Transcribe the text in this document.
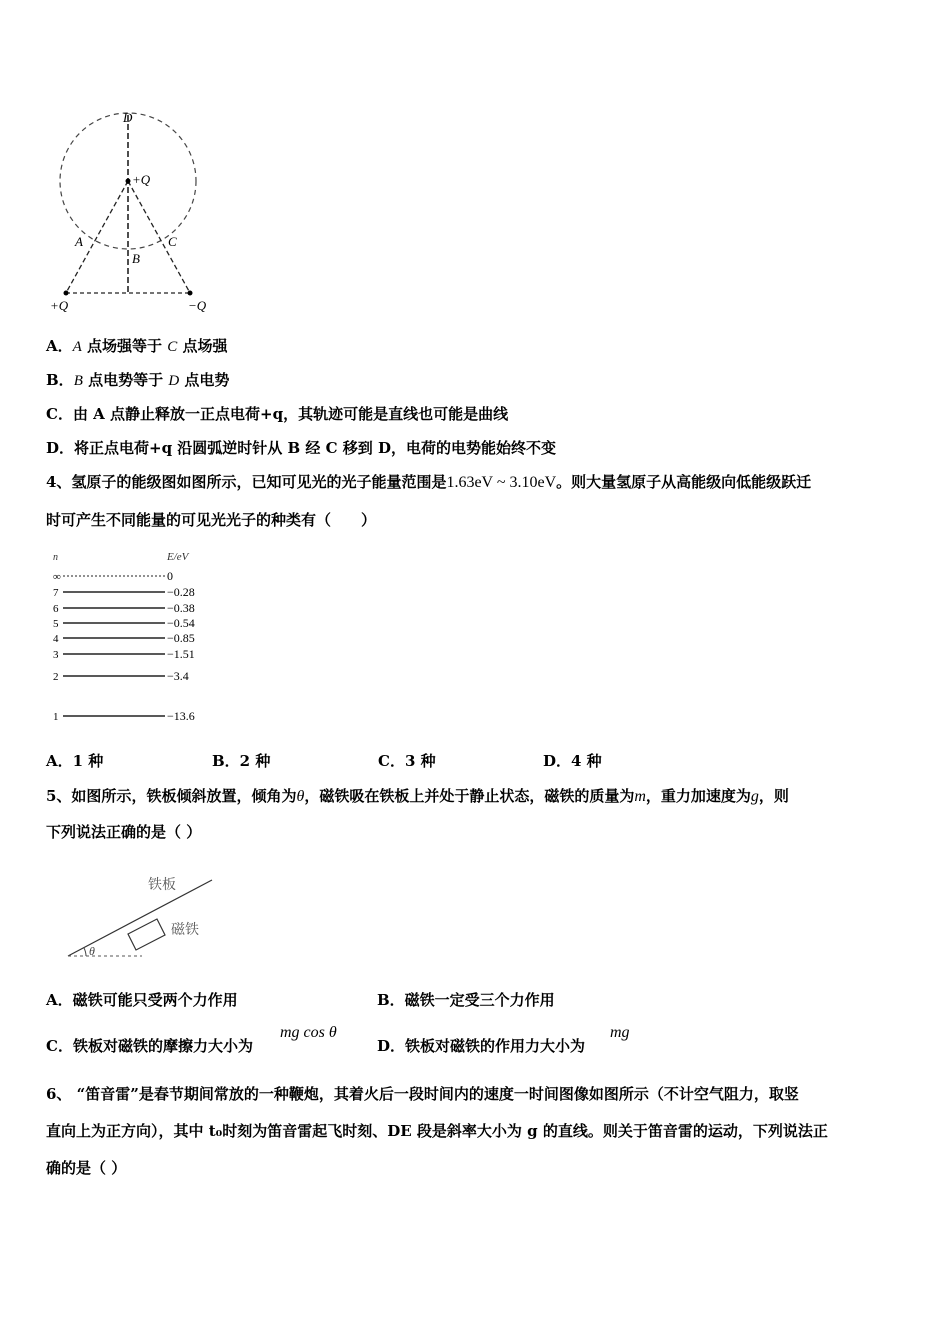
D
+Q
A
B
C
+Q	−Q
A．A 点场强等于 C 点场强
B．B 点电势等于 D 点电势
C．由 A 点静止释放一正点电荷+q，其轨迹可能是直线也可能是曲线
D．将正点电荷+q 沿圆弧逆时针从 B 经 C 移到 D，电荷的电势能始终不变
4、氢原子的能级图如图所示，已知可见光的光子能量范围是1.63eV ~ 3.10eV。则大量氢原子从高能级向低能级跃迁
时可产生不同能量的可见光光子的种类有（　　）
n	E/eV
∞	0
7	−0.28
6	−0.38
5	−0.54
4	−0.85
3	−1.51
2	−3.4
1	−13.6
A．1 种	B．2 种	C．3 种	D．4 种
5、如图所示，铁板倾斜放置，倾角为θ，磁铁吸在铁板上并处于静止状态，磁铁的质量为m，重力加速度为g，则
下列说法正确的是（ ）
铁板
磁铁
θ
A．磁铁可能只受两个力作用	B．磁铁一定受三个力作用
C．铁板对磁铁的摩擦力大小为
mg cos θ
D．铁板对磁铁的作用力大小为
mg
6、 “笛音雷”是春节期间常放的一种鞭炮，其着火后一段时间内的速度一时间图像如图所示（不计空气阻力，取竖
直向上为正方向），其中 t₀时刻为笛音雷起飞时刻、DE 段是斜率大小为 g 的直线。则关于笛音雷的运动，下列说法正
确的是（ ）
